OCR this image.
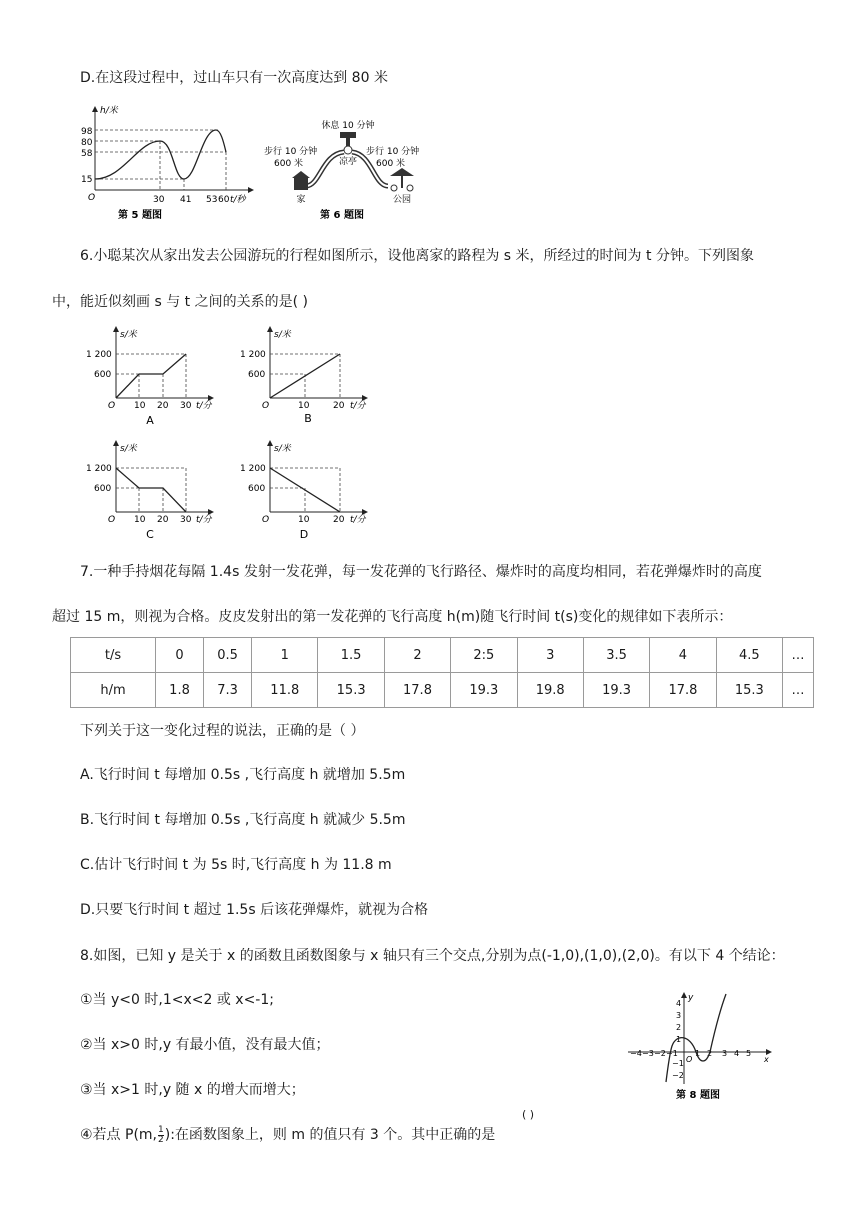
D.在这段过程中，过山车只有一次高度达到 80 米
h/米
t/秒
O
98
80
58
15
30 41 53 60
第 5 题图
休息 10 分钟
凉亭
步行 10 分钟
600 米
步行 10 分钟
600 米
家	公园
第 6 题图
6.小聪某次从家出发去公园游玩的行程如图所示，设他离家的路程为 s 米，所经过的时间为 t 分钟。下列图象
中，能近似刻画 s 与 t 之间的关系的是( )
s/米
t/分
O
1 200
600
10 20 30
A
s/米
t/分
O
1 200
600
10	20
B
s/米
t/分
O
1 200
600
10 20 30
C
s/米
t/分
O
1 200
600
10	20
D
7.一种手持烟花每隔 1.4s 发射一发花弹，每一发花弹的飞行路径、爆炸时的高度均相同，若花弹爆炸时的高度
超过 15 m，则视为合格。皮皮发射出的第一发花弹的飞行高度 h(m)随飞行时间 t(s)变化的规律如下表所示：
t/s	0	0.5	1	1.5	2	2:5	3	3.5	4	4.5	…
h/m	1.8	7.3	11.8	15.3	17.8	19.3	19.8	19.3	17.8	15.3	…
下列关于这一变化过程的说法，正确的是（ ）
A.飞行时间 t 每增加 0.5s ,飞行高度 h 就增加 5.5m
B.飞行时间 t 每增加 0.5s ,飞行高度 h 就减少 5.5m
C.估计飞行时间 t 为 5s 时,飞行高度 h 为 11.8 m
D.只要飞行时间 t 超过 1.5s 后该花弹爆炸，就视为合格
8.如图，已知 y 是关于 x 的函数且函数图象与 x 轴只有三个交点,分别为点(-1,0),(1,0),(2,0)。有以下 4 个结论：
①当 y<0 时,1<x<2 或 x<-1;
②当 x>0 时,y 有最小值，没有最大值；
③当 x>1 时,y 随 x 的增大而增大；
④若点 P(m, $\frac{1}{2}$ ):在函数图象上，则 m 的值只有 3 个。其中正确的是
( )
y
x
O
−4 −3 −2 −1 1 2 3 4 5
4
3
2
1
−1
−2
第 8 题图
